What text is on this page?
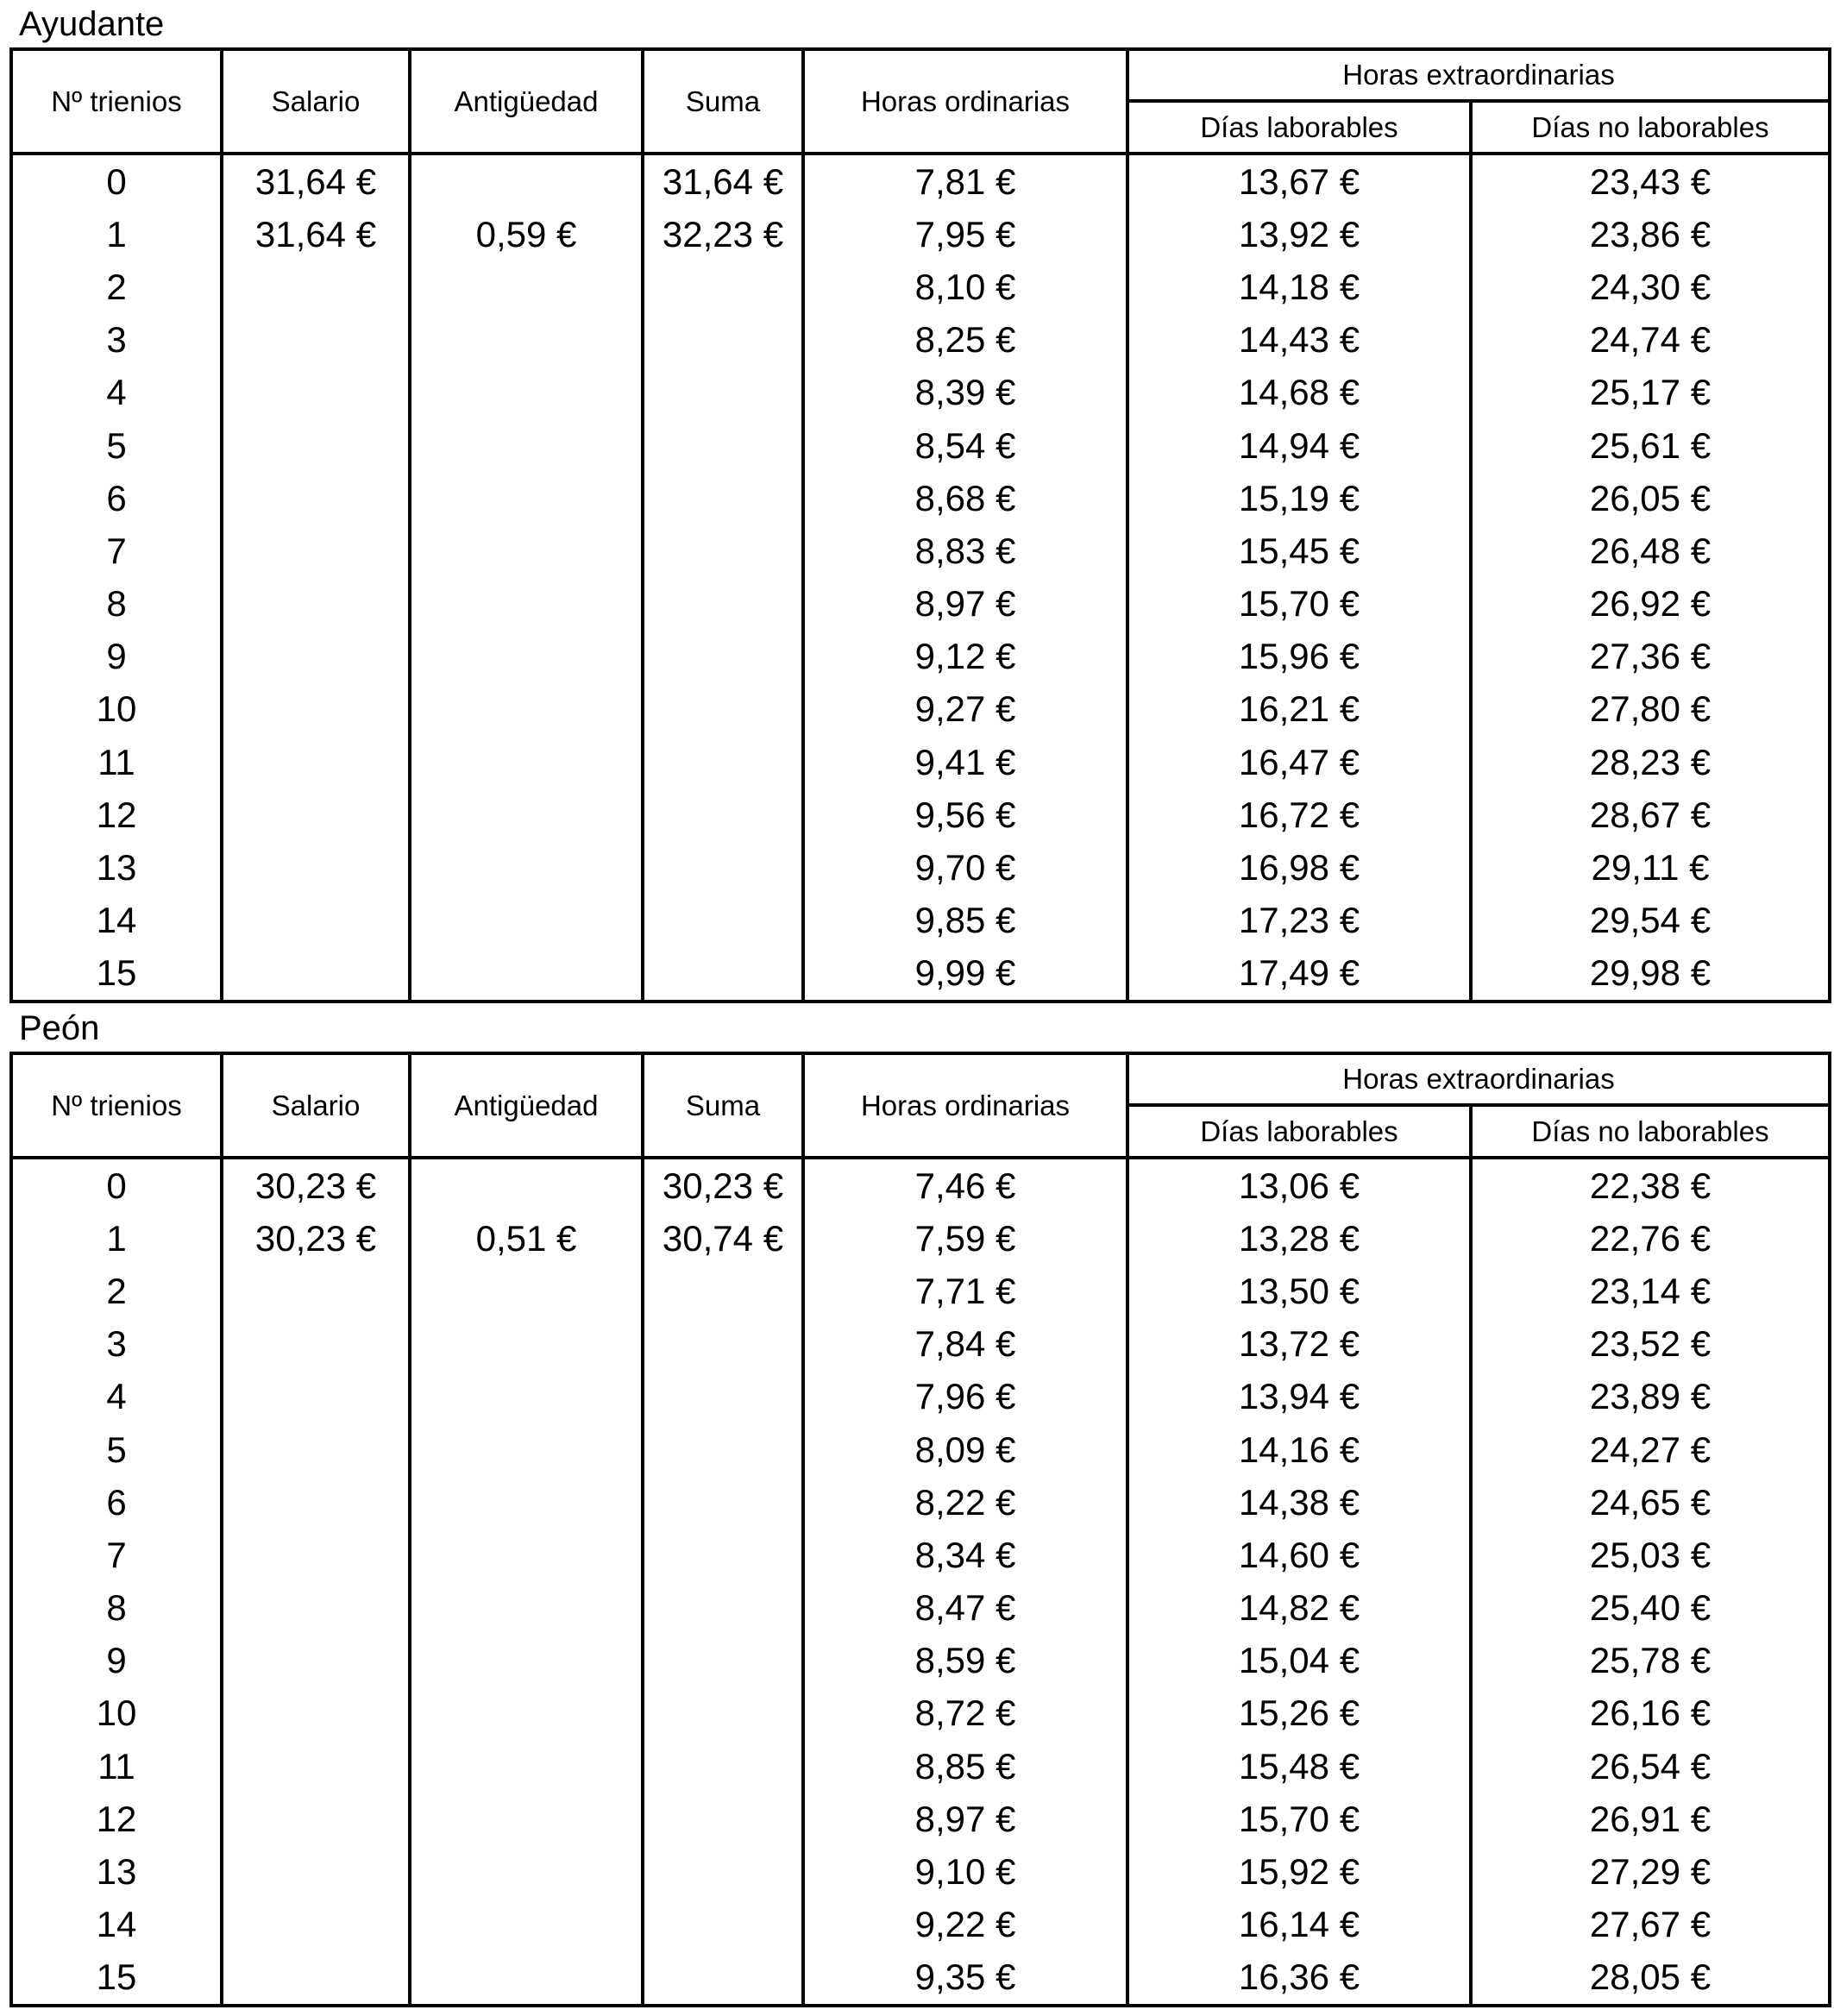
Ayudante
Nº trienios	Salario	Antigüedad	Suma	Horas ordinarias	Horas extraordinarias	
					Días laborables	Días no laborables
0	31,64 €		31,64 €	7,81 €	13,67 €	23,43 €
1	31,64 €	0,59 €	32,23 €	7,95 €	13,92 €	23,86 €
2				8,10 €	14,18 €	24,30 €
3				8,25 €	14,43 €	24,74 €
4				8,39 €	14,68 €	25,17 €
5				8,54 €	14,94 €	25,61 €
6				8,68 €	15,19 €	26,05 €
7				8,83 €	15,45 €	26,48 €
8				8,97 €	15,70 €	26,92 €
9				9,12 €	15,96 €	27,36 €
10				9,27 €	16,21 €	27,80 €
11				9,41 €	16,47 €	28,23 €
12				9,56 €	16,72 €	28,67 €
13				9,70 €	16,98 €	29,11 €
14				9,85 €	17,23 €	29,54 €
15				9,99 €	17,49 €	29,98 €
Peón
Nº trienios	Salario	Antigüedad	Suma	Horas ordinarias	Horas extraordinarias	
					Días laborables	Días no laborables
0	30,23 €		30,23 €	7,46 €	13,06 €	22,38 €
1	30,23 €	0,51 €	30,74 €	7,59 €	13,28 €	22,76 €
2				7,71 €	13,50 €	23,14 €
3				7,84 €	13,72 €	23,52 €
4				7,96 €	13,94 €	23,89 €
5				8,09 €	14,16 €	24,27 €
6				8,22 €	14,38 €	24,65 €
7				8,34 €	14,60 €	25,03 €
8				8,47 €	14,82 €	25,40 €
9				8,59 €	15,04 €	25,78 €
10				8,72 €	15,26 €	26,16 €
11				8,85 €	15,48 €	26,54 €
12				8,97 €	15,70 €	26,91 €
13				9,10 €	15,92 €	27,29 €
14				9,22 €	16,14 €	27,67 €
15				9,35 €	16,36 €	28,05 €
